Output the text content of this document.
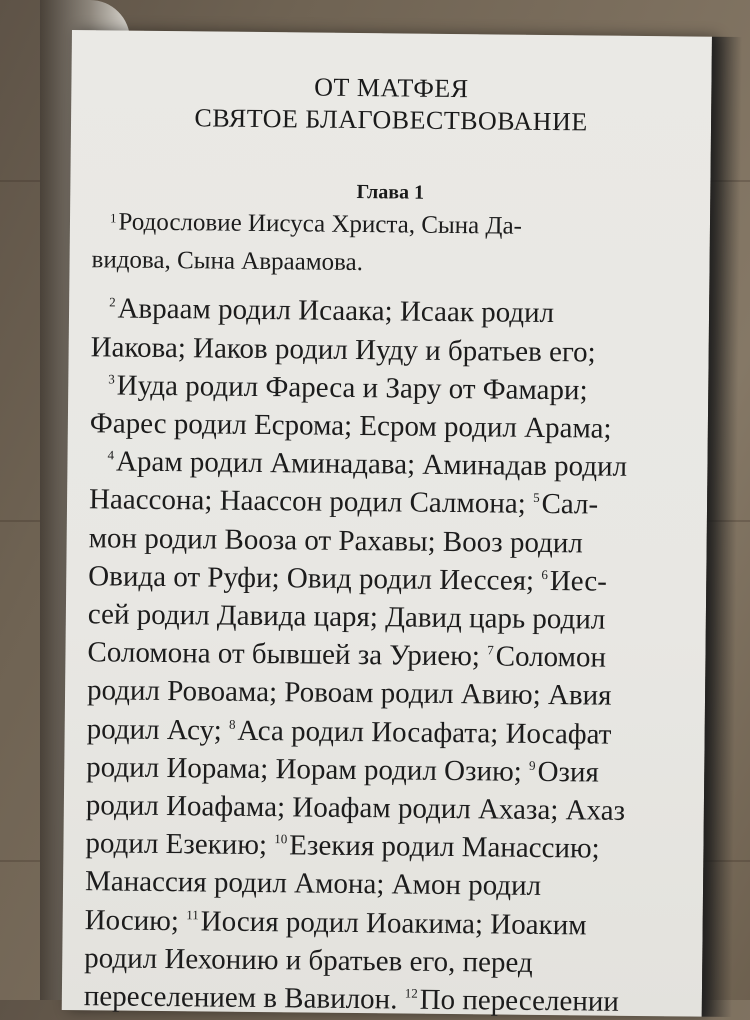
ОТ МАТФЕЯ
СВЯТОЕ БЛАГОВЕСТВОВАНИЕ
Глава 1
$^1$Родословие Иисуса Христа, Сына Да-
видова, Сына Авраамова.
$^2$Авраам родил Исаака; Исаак родил
Иакова; Иаков родил Иуду и братьев его;
$^3$Иуда родил Фареса и Зару от Фамари;
Фарес родил Есрома; Есром родил Арама;
$^4$Арам родил Аминадава; Аминадав родил
Наассона; Наассон родил Салмона; $^5$Сал-
мон родил Вооза от Рахавы; Вооз родил
Овида от Руфи; Овид родил Иессея; $^6$Иес-
сей родил Давида царя; Давид царь родил
Соломона от бывшей за Уриею; $^7$Соломон
родил Ровоама; Ровоам родил Авию; Авия
родил Асу; $^8$Аса родил Иосафата; Иосафат
родил Иорама; Иорам родил Озию; $^9$Озия
родил Иоафама; Иоафам родил Ахаза; Ахаз
родил Езекию; $^{10}$Езекия родил Манассию;
Манассия родил Амона; Амон родил
Иосию; $^{11}$Иосия родил Иоакима; Иоаким
родил Иехонию и братьев его, перед
переселением в Вавилон. $^{12}$По переселении
